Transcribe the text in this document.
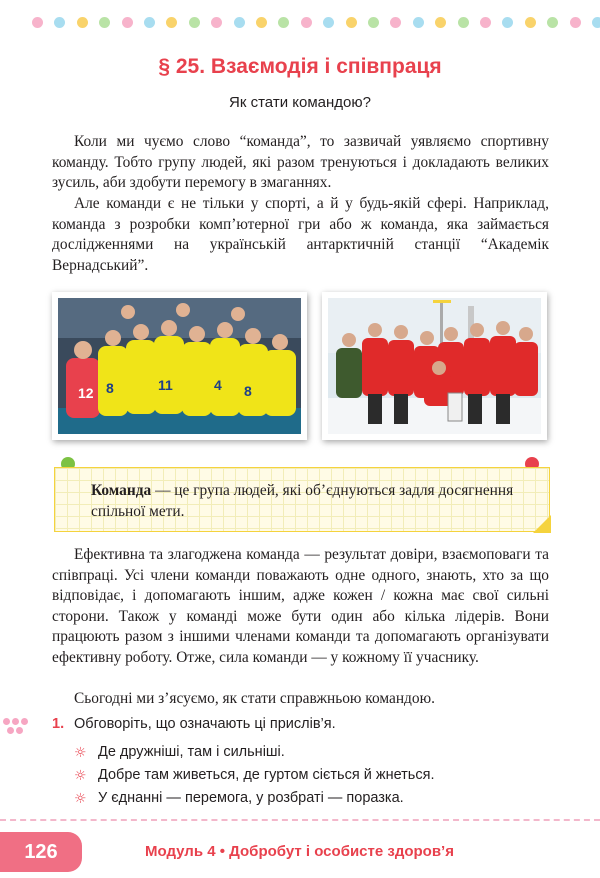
§ 25. Взаємодія і співпраця
Як стати командою?

Коли ми чуємо слово “команда”, то зазвичай уявляємо спортивну команду. Тобто групу людей, які разом тренуються і докладають великих зусиль, аби здобути перемогу в змаганнях.

Але команди є не тільки у спорті, а й у будь-якій сфері. Наприклад, команда з розробки комп’ютерної гри або ж команда, яка займається дослідженнями на українській антарктичній станції “Академік Вернадський”.

12 8	11	4 8

Команда — це група людей, які об’єднуються задля досягнення спільної мети.

Ефективна та злагоджена команда — результат довіри, взаємоповаги та співпраці. Усі члени команди поважають одне одного, знають, хто за що відповідає, і допомагають іншим, адже кожен / кожна має свої сильні сторони. Також у команді може бути один або кілька лідерів. Вони працюють разом з іншими членами команди та допомагають організувати ефективну роботу. Отже, сила команди — у кожному її учаснику.

Сьогодні ми з’ясуємо, як стати справжньою командою.

1. Обговоріть, що означають ці прислів’я.
☼ Де дружніші, там і сильніші.
☼ Добре там живеться, де гуртом сіється й жнеться.
☼ У єднанні — перемога, у розбраті — поразка.
126	Модуль 4 • Добробут і особисте здоров’я
